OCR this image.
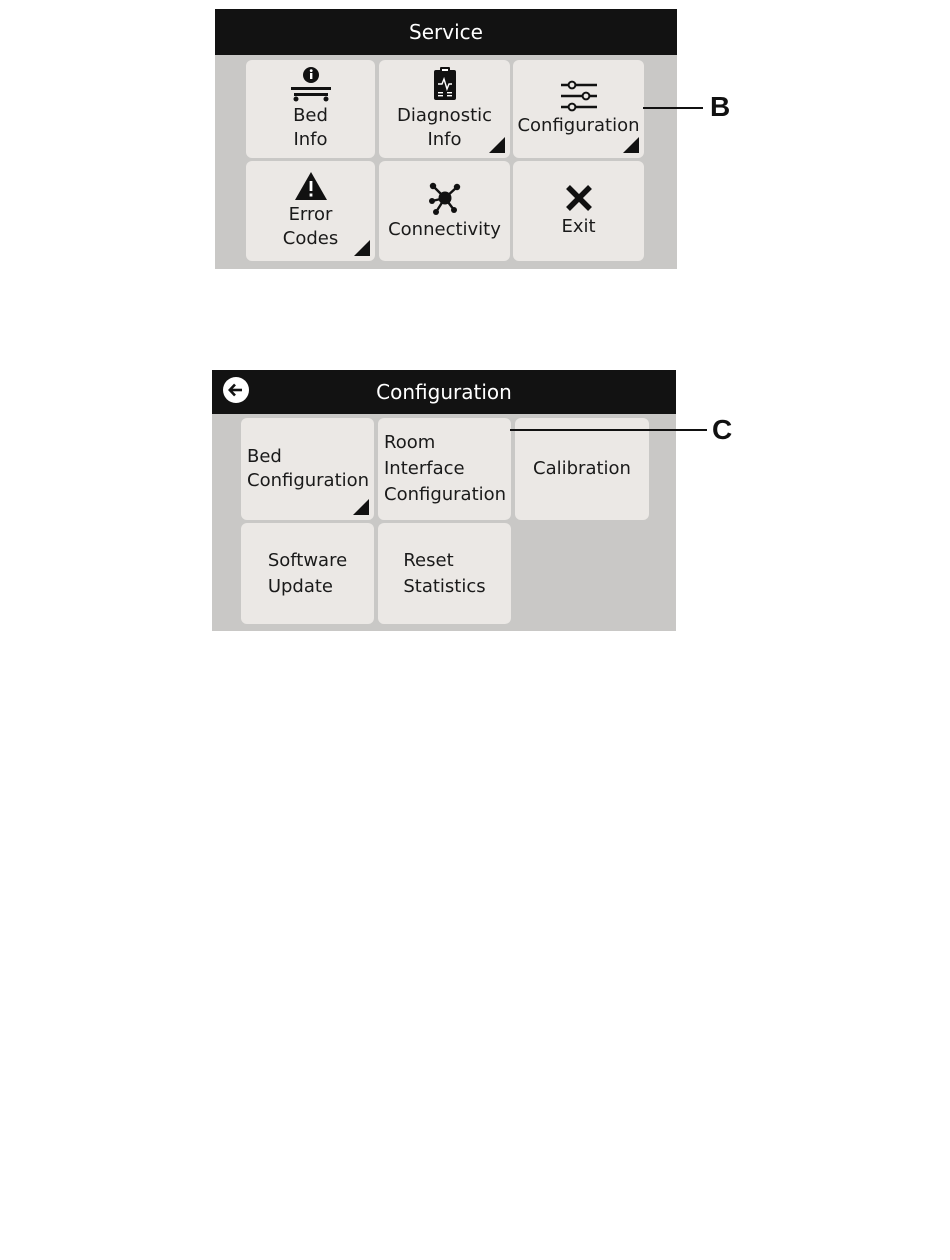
Service
Bed
Info
Diagnostic
Info
Configuration
Error
Codes	Connectivity	Exit
B
Configuration
Bed
Configuration
Room
Interface
Configuration
Calibration
Software
Update
Reset
Statistics
C
